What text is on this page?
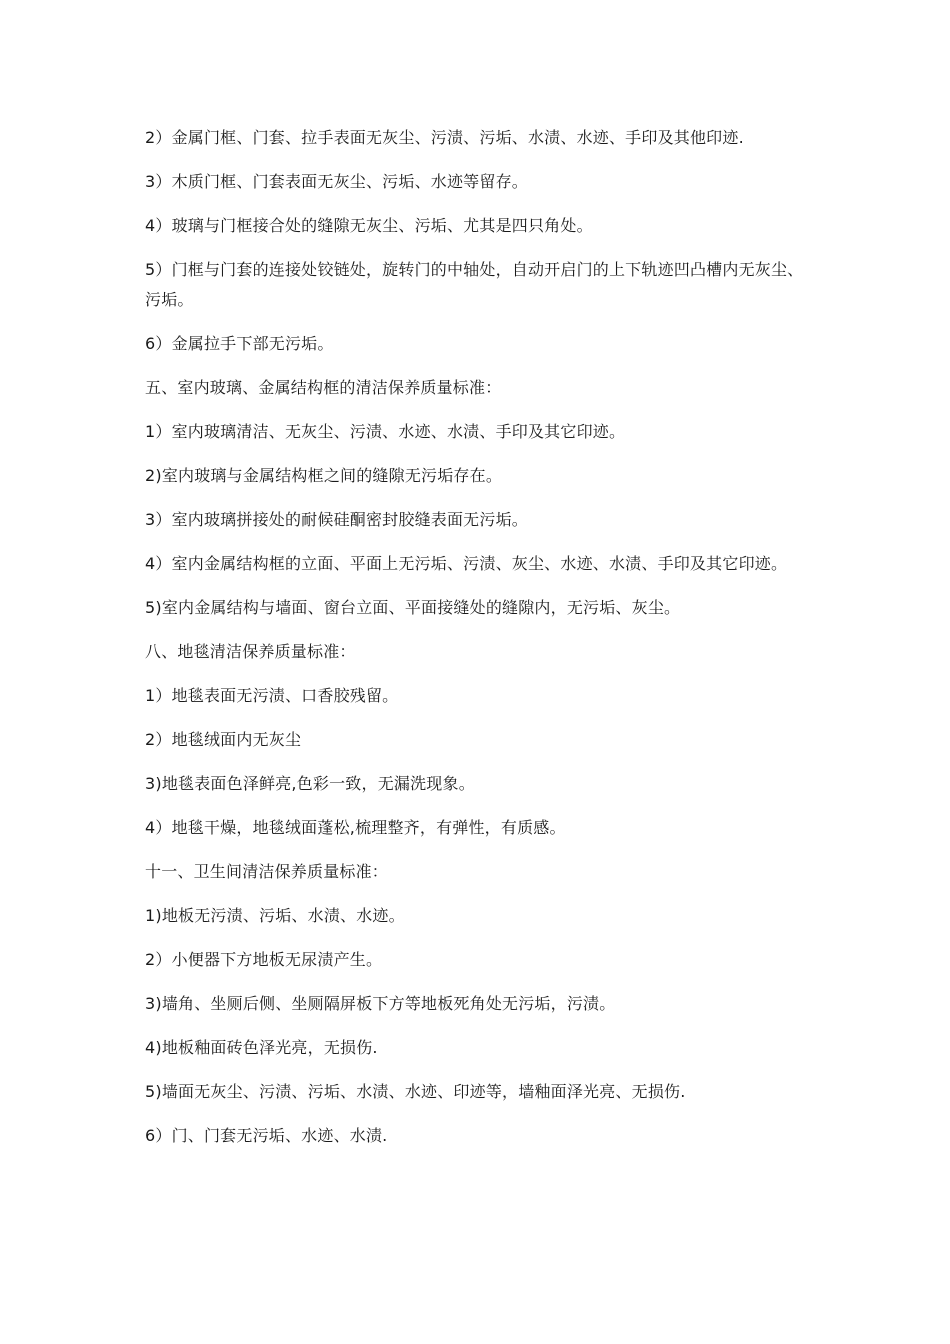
2）金属门框、门套、拉手表面无灰尘、污渍、污垢、水渍、水迹、手印及其他印迹.

3）木质门框、门套表面无灰尘、污垢、水迹等留存。

4）玻璃与门框接合处的缝隙无灰尘、污垢、尤其是四只角处。

5）门框与门套的连接处铰链处，旋转门的中轴处，自动开启门的上下轨迹凹凸槽内无灰尘、污垢。

6）金属拉手下部无污垢。

五、室内玻璃、金属结构框的清洁保养质量标准：

1）室内玻璃清洁、无灰尘、污渍、水迹、水渍、手印及其它印迹。

2)室内玻璃与金属结构框之间的缝隙无污垢存在。

3）室内玻璃拼接处的耐候硅酮密封胶缝表面无污垢。

4）室内金属结构框的立面、平面上无污垢、污渍、灰尘、水迹、水渍、手印及其它印迹。

5)室内金属结构与墙面、窗台立面、平面接缝处的缝隙内，无污垢、灰尘。

八、地毯清洁保养质量标准：

1）地毯表面无污渍、口香胶残留。

2）地毯绒面内无灰尘

3)地毯表面色泽鲜亮,色彩一致，无漏洗现象。

4）地毯干燥，地毯绒面蓬松,梳理整齐，有弹性，有质感。

十一、卫生间清洁保养质量标准：

1)地板无污渍、污垢、水渍、水迹。

2）小便器下方地板无尿渍产生。

3)墙角、坐厕后侧、坐厕隔屏板下方等地板死角处无污垢，污渍。

4)地板釉面砖色泽光亮，无损伤.

5)墙面无灰尘、污渍、污垢、水渍、水迹、印迹等，墙釉面泽光亮、无损伤.

6）门、门套无污垢、水迹、水渍.
